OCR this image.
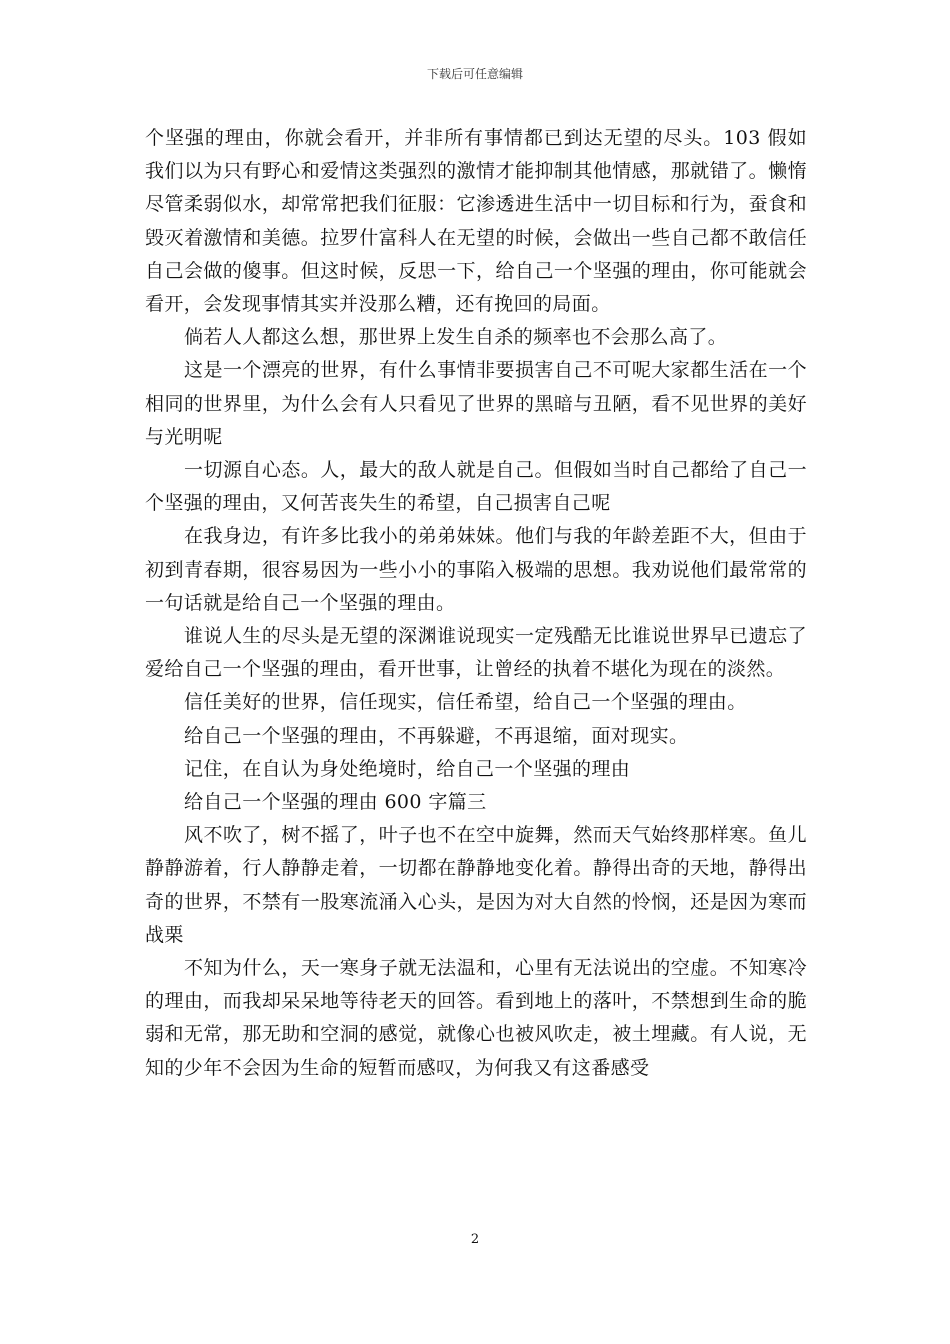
下载后可任意编辑

个坚强的理由，你就会看开，并非所有事情都已到达无望的尽头。103 假如我们以为只有野心和爱情这类强烈的激情才能抑制其他情感，那就错了。懒惰尽管柔弱似水，却常常把我们征服：它渗透进生活中一切目标和行为，蚕食和毁灭着激情和美德。拉罗什富科人在无望的时候，会做出一些自己都不敢信任自己会做的傻事。但这时候，反思一下，给自己一个坚强的理由，你可能就会看开，会发现事情其实并没那么糟，还有挽回的局面。

倘若人人都这么想，那世界上发生自杀的频率也不会那么高了。

这是一个漂亮的世界，有什么事情非要损害自己不可呢大家都生活在一个相同的世界里，为什么会有人只看见了世界的黑暗与丑陋，看不见世界的美好与光明呢

一切源自心态。人，最大的敌人就是自己。但假如当时自己都给了自己一个坚强的理由，又何苦丧失生的希望，自己损害自己呢

在我身边，有许多比我小的弟弟妹妹。他们与我的年龄差距不大，但由于初到青春期，很容易因为一些小小的事陷入极端的思想。我劝说他们最常常的一句话就是给自己一个坚强的理由。

谁说人生的尽头是无望的深渊谁说现实一定残酷无比谁说世界早已遗忘了爱给自己一个坚强的理由，看开世事，让曾经的执着不堪化为现在的淡然。

信任美好的世界，信任现实，信任希望，给自己一个坚强的理由。

给自己一个坚强的理由，不再躲避，不再退缩，面对现实。

记住，在自认为身处绝境时，给自己一个坚强的理由

给自己一个坚强的理由 600 字篇三

风不吹了，树不摇了，叶子也不在空中旋舞，然而天气始终那样寒。鱼儿静静游着，行人静静走着，一切都在静静地变化着。静得出奇的天地，静得出奇的世界，不禁有一股寒流涌入心头，是因为对大自然的怜悯，还是因为寒而战栗

不知为什么，天一寒身子就无法温和，心里有无法说出的空虚。不知寒冷的理由，而我却呆呆地等待老天的回答。看到地上的落叶，不禁想到生命的脆弱和无常，那无助和空洞的感觉，就像心也被风吹走，被土埋藏。有人说，无知的少年不会因为生命的短暂而感叹，为何我又有这番感受

2
